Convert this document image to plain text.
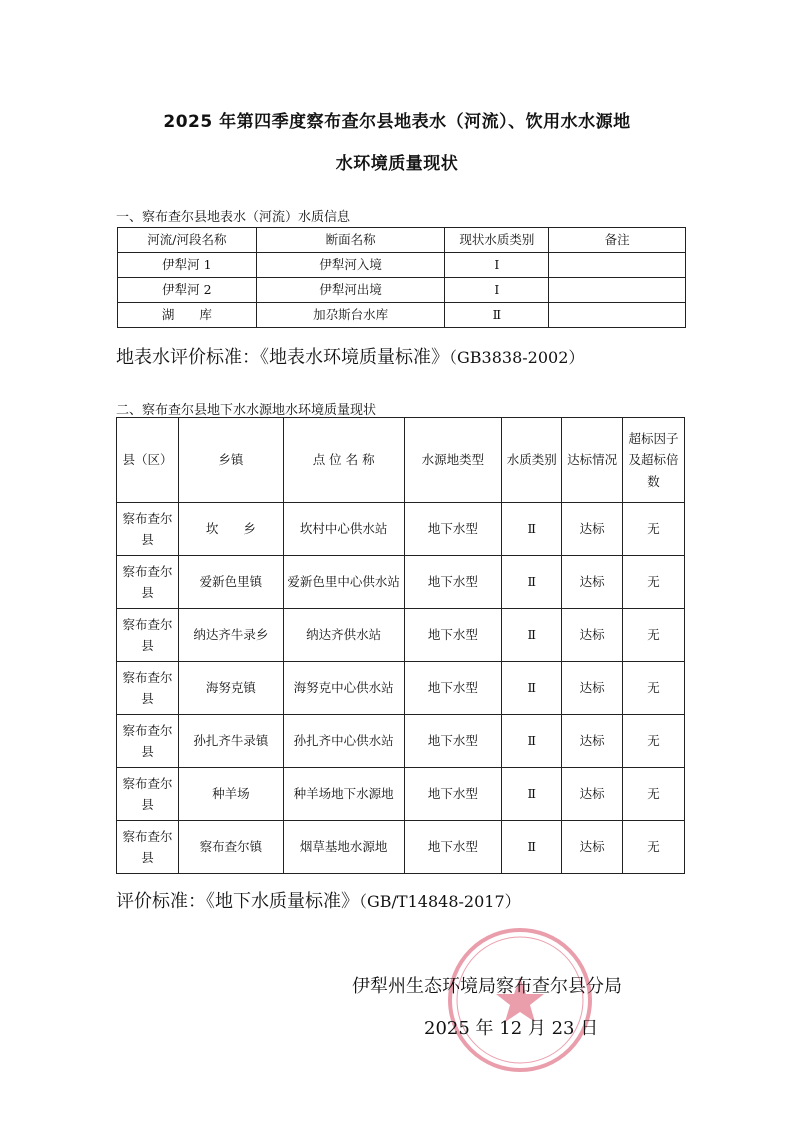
2025 年第四季度察布查尔县地表水（河流）、饮用水水源地
水环境质量现状
一、察布查尔县地表水（河流）水质信息
河流/河段名称	断面名称	现状水质类别	备注
伊犁河 1	伊犁河入境	Ⅰ	
伊犁河 2	伊犁河出境	Ⅰ	
湖　　库	加尕斯台水库	Ⅱ	
地表水评价标准：《地表水环境质量标准》（GB3838-2002）
二、察布查尔县地下水水源地水环境质量现状
县（区）	乡镇	点 位 名 称	水源地类型	水质类别	达标情况	超标因子及超标倍数
察布查尔县	坎　　乡	坎村中心供水站	地下水型	Ⅱ	达标	无
察布查尔县	爱新色里镇	爱新色里中心供水站	地下水型	Ⅱ	达标	无
察布查尔县	纳达齐牛录乡	纳达齐供水站	地下水型	Ⅱ	达标	无
察布查尔县	海努克镇	海努克中心供水站	地下水型	Ⅱ	达标	无
察布查尔县	孙扎齐牛录镇	孙扎齐中心供水站	地下水型	Ⅱ	达标	无
察布查尔县	种羊场	种羊场地下水源地	地下水型	Ⅱ	达标	无
察布查尔县	察布查尔镇	烟草基地水源地	地下水型	Ⅱ	达标	无
评价标准：《地下水质量标准》（GB/T14848-2017）
伊犁州生态环境局察布查尔县分局
2025 年 12 月 23 日
